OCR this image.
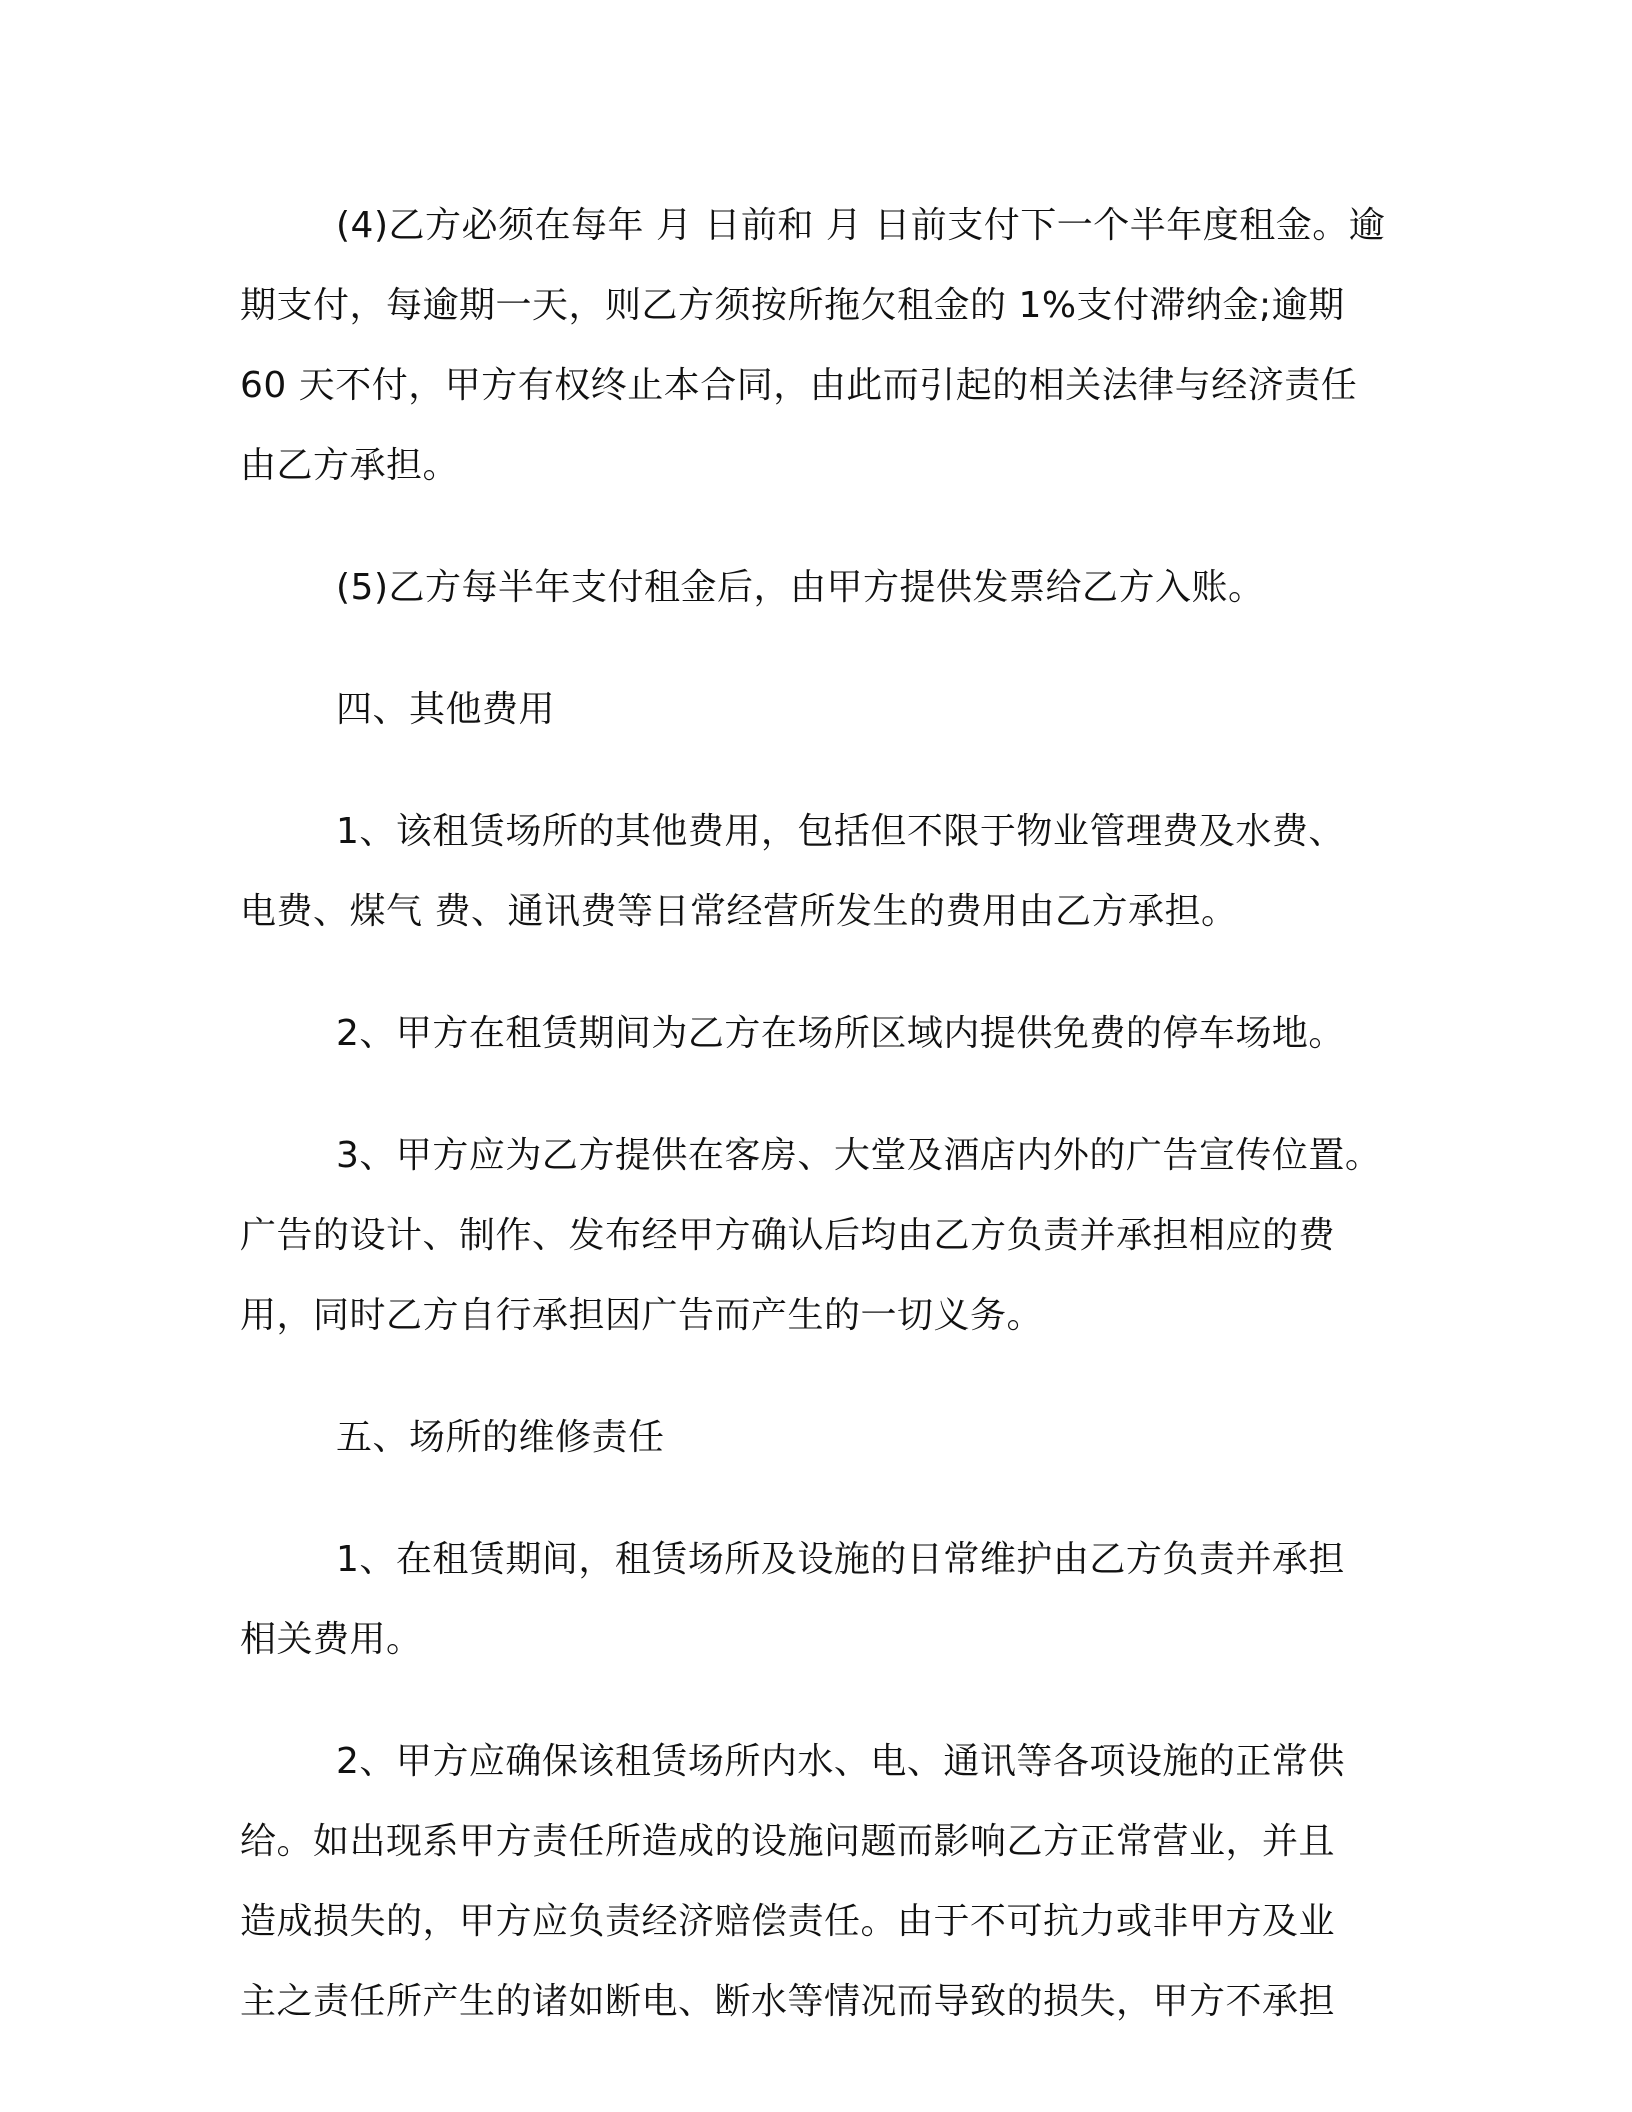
(4)乙方必须在每年 月 日前和 月 日前支付下一个半年度租金。逾
期支付，每逾期一天，则乙方须按所拖欠租金的 1%支付滞纳金;逾期
60 天不付，甲方有权终止本合同，由此而引起的相关法律与经济责任
由乙方承担。

(5)乙方每半年支付租金后，由甲方提供发票给乙方入账。

四、其他费用

1、该租赁场所的其他费用，包括但不限于物业管理费及水费、
电费、煤气 费、通讯费等日常经营所发生的费用由乙方承担。

2、甲方在租赁期间为乙方在场所区域内提供免费的停车场地。

3、甲方应为乙方提供在客房、大堂及酒店内外的广告宣传位置。
广告的设计、制作、发布经甲方确认后均由乙方负责并承担相应的费
用，同时乙方自行承担因广告而产生的一切义务。

五、场所的维修责任

1、在租赁期间，租赁场所及设施的日常维护由乙方负责并承担
相关费用。

2、甲方应确保该租赁场所内水、电、通讯等各项设施的正常供
给。如出现系甲方责任所造成的设施问题而影响乙方正常营业，并且
造成损失的，甲方应负责经济赔偿责任。由于不可抗力或非甲方及业
主之责任所产生的诸如断电、断水等情况而导致的损失，甲方不承担
